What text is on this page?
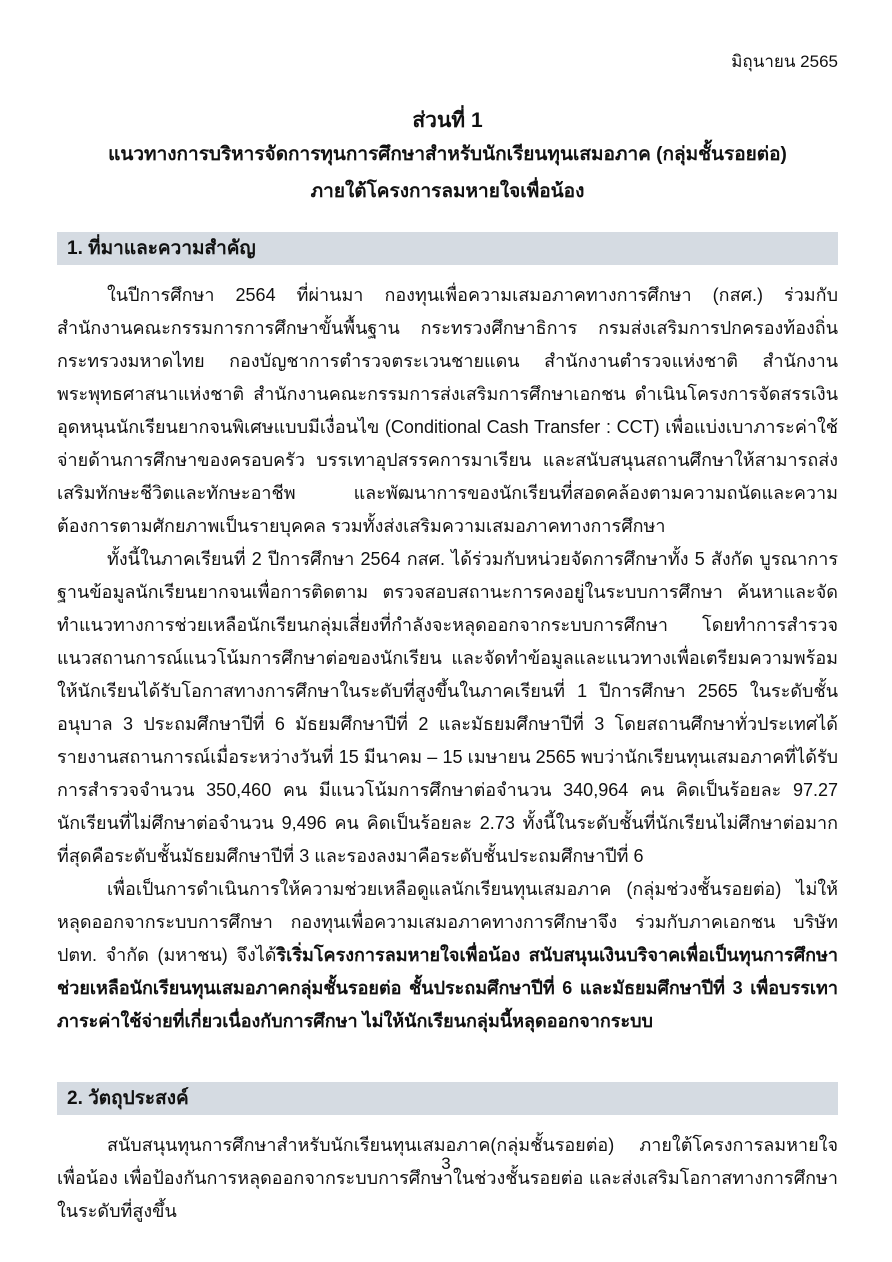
มิถุนายน 2565
ส่วนที่ 1
แนวทางการบริหารจัดการทุนการศึกษาสำหรับนักเรียนทุนเสมอภาค (กลุ่มชั้นรอยต่อ)
ภายใต้โครงการลมหายใจเพื่อน้อง
1. ที่มาและความสำคัญ

ในปีการศึกษา 2564 ที่ผ่านมา กองทุนเพื่อความเสมอภาคทางการศึกษา (กสศ.) ร่วมกับ สำนักงานคณะกรรมการการศึกษาขั้นพื้นฐาน กระทรวงศึกษาธิการ กรมส่งเสริมการปกครองท้องถิ่น กระทรวงมหาดไทย กองบัญชาการตำรวจตระเวนชายแดน สำนักงานตำรวจแห่งชาติ สำนักงานพระพุทธศาสนาแห่งชาติ สำนักงานคณะกรรมการส่งเสริมการศึกษาเอกชน ดำเนินโครงการจัดสรรเงินอุดหนุนนักเรียนยากจนพิเศษแบบมีเงื่อนไข (Conditional Cash Transfer : CCT) เพื่อแบ่งเบาภาระค่าใช้จ่ายด้านการศึกษาของครอบครัว บรรเทาอุปสรรคการมาเรียน และสนับสนุนสถานศึกษาให้สามารถส่งเสริมทักษะชีวิตและทักษะอาชีพ และพัฒนาการของนักเรียนที่สอดคล้องตามความถนัดและความต้องการตามศักยภาพเป็นรายบุคคล รวมทั้งส่งเสริมความเสมอภาคทางการศึกษา

ทั้งนี้ในภาคเรียนที่ 2 ปีการศึกษา 2564 กสศ. ได้ร่วมกับหน่วยจัดการศึกษาทั้ง 5 สังกัด บูรณาการฐานข้อมูลนักเรียนยากจนเพื่อการติดตาม ตรวจสอบสถานะการคงอยู่ในระบบการศึกษา ค้นหาและจัดทำแนวทางการช่วยเหลือนักเรียนกลุ่มเสี่ยงที่กำลังจะหลุดออกจากระบบการศึกษา โดยทำการสำรวจแนวสถานการณ์แนวโน้มการศึกษาต่อของนักเรียน และจัดทำข้อมูลและแนวทางเพื่อเตรียมความพร้อมให้นักเรียนได้รับโอกาสทางการศึกษาในระดับที่สูงขึ้นในภาคเรียนที่ 1 ปีการศึกษา 2565 ในระดับชั้นอนุบาล 3 ประถมศึกษาปีที่ 6 มัธยมศึกษาปีที่ 2 และมัธยมศึกษาปีที่ 3 โดยสถานศึกษาทั่วประเทศได้รายงานสถานการณ์เมื่อระหว่างวันที่ 15 มีนาคม – 15 เมษายน 2565 พบว่านักเรียนทุนเสมอภาคที่ได้รับการสำรวจจำนวน 350,460 คน มีแนวโน้มการศึกษาต่อจำนวน 340,964 คน คิดเป็นร้อยละ 97.27 นักเรียนที่ไม่ศึกษาต่อจำนวน 9,496 คน คิดเป็นร้อยละ 2.73 ทั้งนี้ในระดับชั้นที่นักเรียนไม่ศึกษาต่อมากที่สุดคือระดับชั้นมัธยมศึกษาปีที่ 3 และรองลงมาคือระดับชั้นประถมศึกษาปีที่ 6

เพื่อเป็นการดำเนินการให้ความช่วยเหลือดูแลนักเรียนทุนเสมอภาค (กลุ่มช่วงชั้นรอยต่อ) ไม่ให้หลุดออกจากระบบการศึกษา กองทุนเพื่อความเสมอภาคทางการศึกษาจึง ร่วมกับภาคเอกชน บริษัท ปตท. จำกัด (มหาชน) จึงได้ริเริ่มโครงการลมหายใจเพื่อน้อง สนับสนุนเงินบริจาคเพื่อเป็นทุนการศึกษาช่วยเหลือนักเรียนทุนเสมอภาคกลุ่มชั้นรอยต่อ ชั้นประถมศึกษาปีที่ 6 และมัธยมศึกษาปีที่ 3 เพื่อบรรเทาภาระค่าใช้จ่ายที่เกี่ยวเนื่องกับการศึกษา ไม่ให้นักเรียนกลุ่มนี้หลุดออกจากระบบ

2. วัตถุประสงค์

สนับสนุนทุนการศึกษาสำหรับนักเรียนทุนเสมอภาค(กลุ่มชั้นรอยต่อ) ภายใต้โครงการลมหายใจเพื่อน้อง เพื่อป้องกันการหลุดออกจากระบบการศึกษาในช่วงชั้นรอยต่อ และส่งเสริมโอกาสทางการศึกษาในระดับที่สูงขึ้น

3
